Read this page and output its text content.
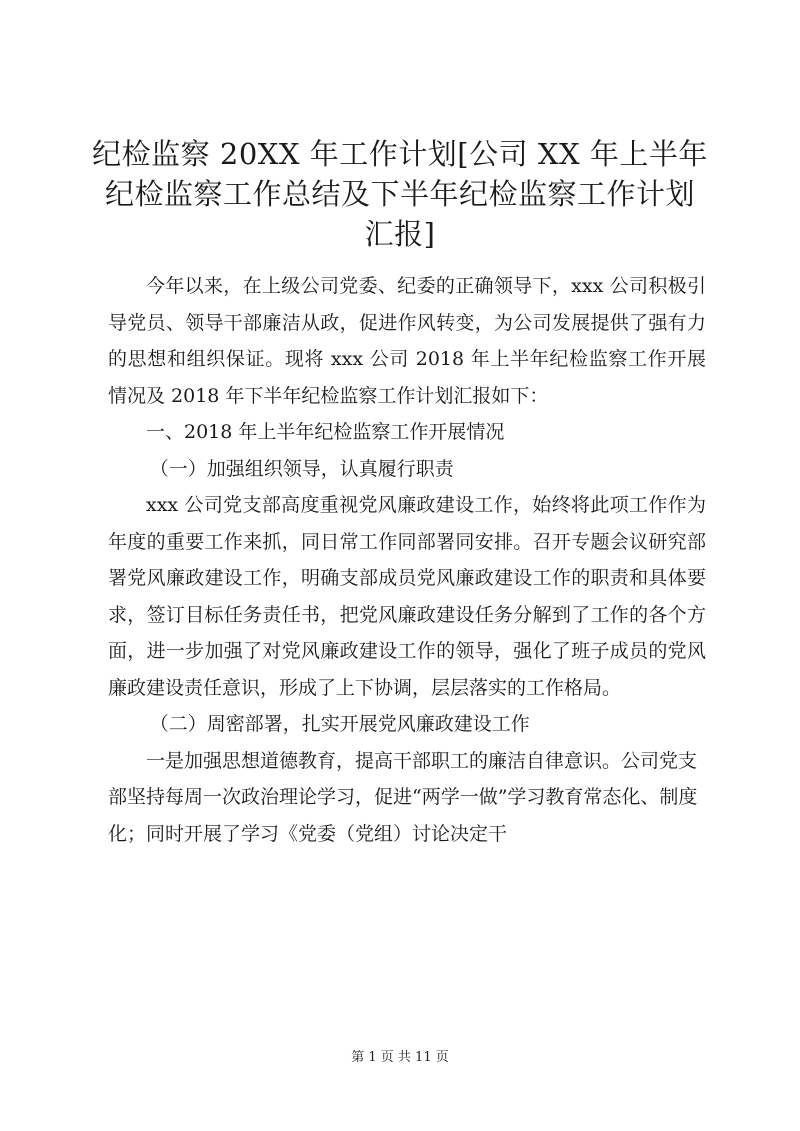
纪检监察 20XX 年工作计划[公司 XX 年上半年
纪检监察工作总结及下半年纪检监察工作计划
汇报]

今年以来，在上级公司党委、纪委的正确领导下，xxx 公司积极引导党员、领导干部廉洁从政，促进作风转变，为公司发展提供了强有力的思想和组织保证。现将 xxx 公司 2018 年上半年纪检监察工作开展情况及 2018 年下半年纪检监察工作计划汇报如下：

一、2018 年上半年纪检监察工作开展情况

（一）加强组织领导，认真履行职责

xxx 公司党支部高度重视党风廉政建设工作，始终将此项工作作为年度的重要工作来抓，同日常工作同部署同安排。召开专题会议研究部署党风廉政建设工作，明确支部成员党风廉政建设工作的职责和具体要求，签订目标任务责任书，把党风廉政建设任务分解到了工作的各个方面，进一步加强了对党风廉政建设工作的领导，强化了班子成员的党风廉政建设责任意识，形成了上下协调，层层落实的工作格局。

（二）周密部署，扎实开展党风廉政建设工作

一是加强思想道德教育，提高干部职工的廉洁自律意识。公司党支部坚持每周一次政治理论学习，促进“两学一做”学习教育常态化、制度化；同时开展了学习《党委（党组）讨论决定干

第 1 页 共 11 页
